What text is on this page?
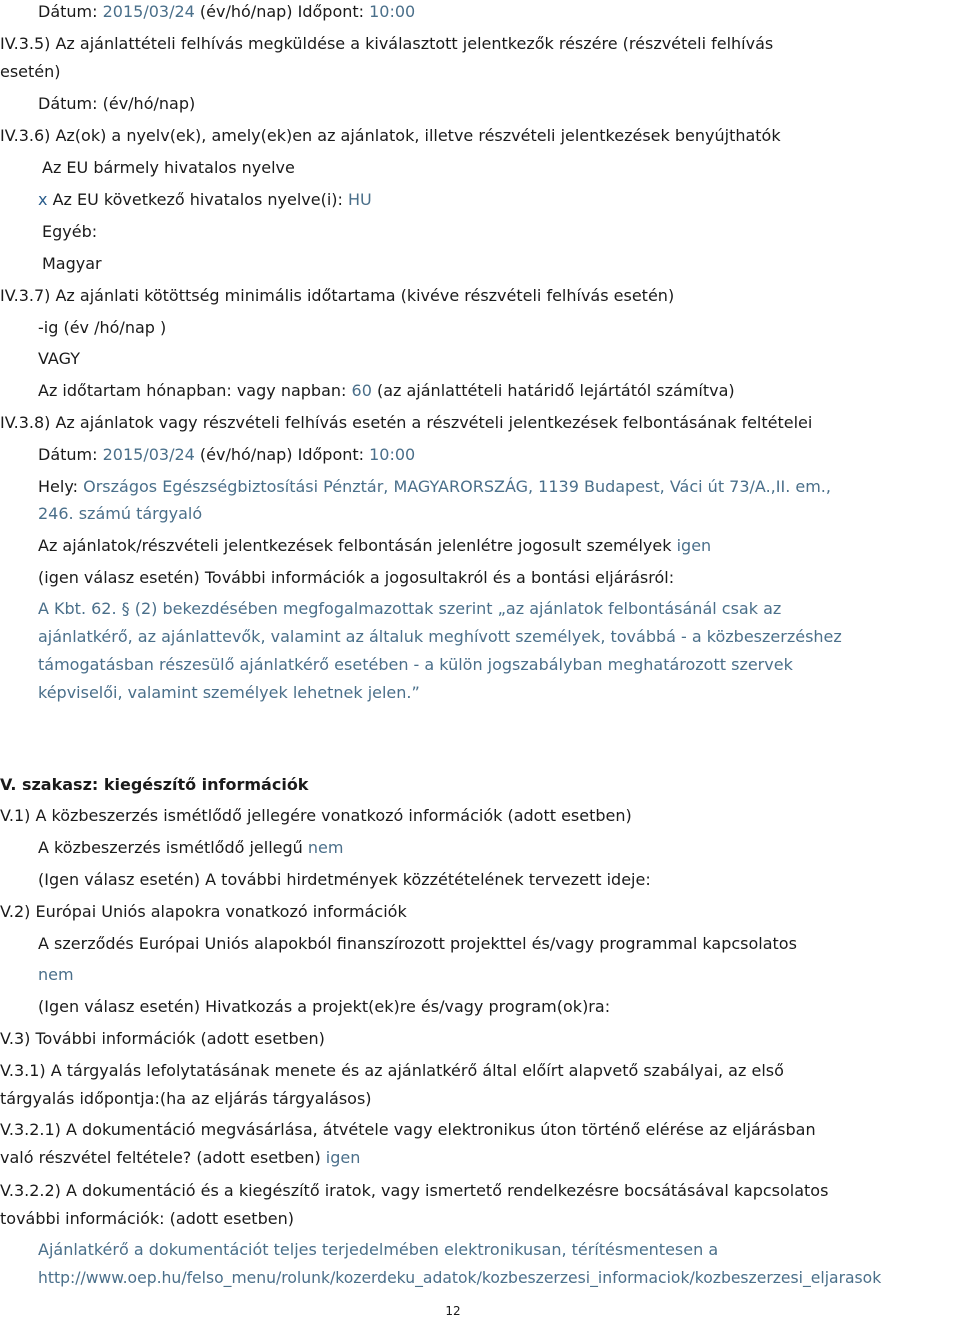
Dátum: 2015/03/24 (év/hó/nap) Időpont: 10:00
IV.3.5) Az ajánlattételi felhívás megküldése a kiválasztott jelentkezők részére (részvételi felhívás
esetén)
Dátum: (év/hó/nap)
IV.3.6) Az(ok) a nyelv(ek), amely(ek)en az ajánlatok, illetve részvételi jelentkezések benyújthatók
Az EU bármely hivatalos nyelve
x Az EU következő hivatalos nyelve(i): HU
Egyéb:
Magyar
IV.3.7) Az ajánlati kötöttség minimális időtartama (kivéve részvételi felhívás esetén)
-ig (év /hó/nap )
VAGY
Az időtartam hónapban: vagy napban: 60 (az ajánlattételi határidő lejártától számítva)
IV.3.8) Az ajánlatok vagy részvételi felhívás esetén a részvételi jelentkezések felbontásának feltételei
Dátum: 2015/03/24 (év/hó/nap) Időpont: 10:00
Hely: Országos Egészségbiztosítási Pénztár, MAGYARORSZÁG, 1139 Budapest, Váci út 73/A.,II. em.,
246. számú tárgyaló
Az ajánlatok/részvételi jelentkezések felbontásán jelenlétre jogosult személyek igen
(igen válasz esetén) További információk a jogosultakról és a bontási eljárásról:
A Kbt. 62. § (2) bekezdésében megfogalmazottak szerint „az ajánlatok felbontásánál csak az
ajánlatkérő, az ajánlattevők, valamint az általuk meghívott személyek, továbbá - a közbeszerzéshez
támogatásban részesülő ajánlatkérő esetében - a külön jogszabályban meghatározott szervek
képviselői, valamint személyek lehetnek jelen.”
V. szakasz: kiegészítő információk
V.1) A közbeszerzés ismétlődő jellegére vonatkozó információk (adott esetben)
A közbeszerzés ismétlődő jellegű nem
(Igen válasz esetén) A további hirdetmények közzétételének tervezett ideje:
V.2) Európai Uniós alapokra vonatkozó információk
A szerződés Európai Uniós alapokból finanszírozott projekttel és/vagy programmal kapcsolatos
nem
(Igen válasz esetén) Hivatkozás a projekt(ek)re és/vagy program(ok)ra:
V.3) További információk (adott esetben)
V.3.1) A tárgyalás lefolytatásának menete és az ajánlatkérő által előírt alapvető szabályai, az első
tárgyalás időpontja:(ha az eljárás tárgyalásos)
V.3.2.1) A dokumentáció megvásárlása, átvétele vagy elektronikus úton történő elérése az eljárásban
való részvétel feltétele? (adott esetben) igen
V.3.2.2) A dokumentáció és a kiegészítő iratok, vagy ismertető rendelkezésre bocsátásával kapcsolatos
további információk: (adott esetben)
Ajánlatkérő a dokumentációt teljes terjedelmében elektronikusan, térítésmentesen a
http://www.oep.hu/felso_menu/rolunk/kozerdeku_adatok/kozbeszerzesi_informaciok/kozbeszerzesi_eljarasok
12
